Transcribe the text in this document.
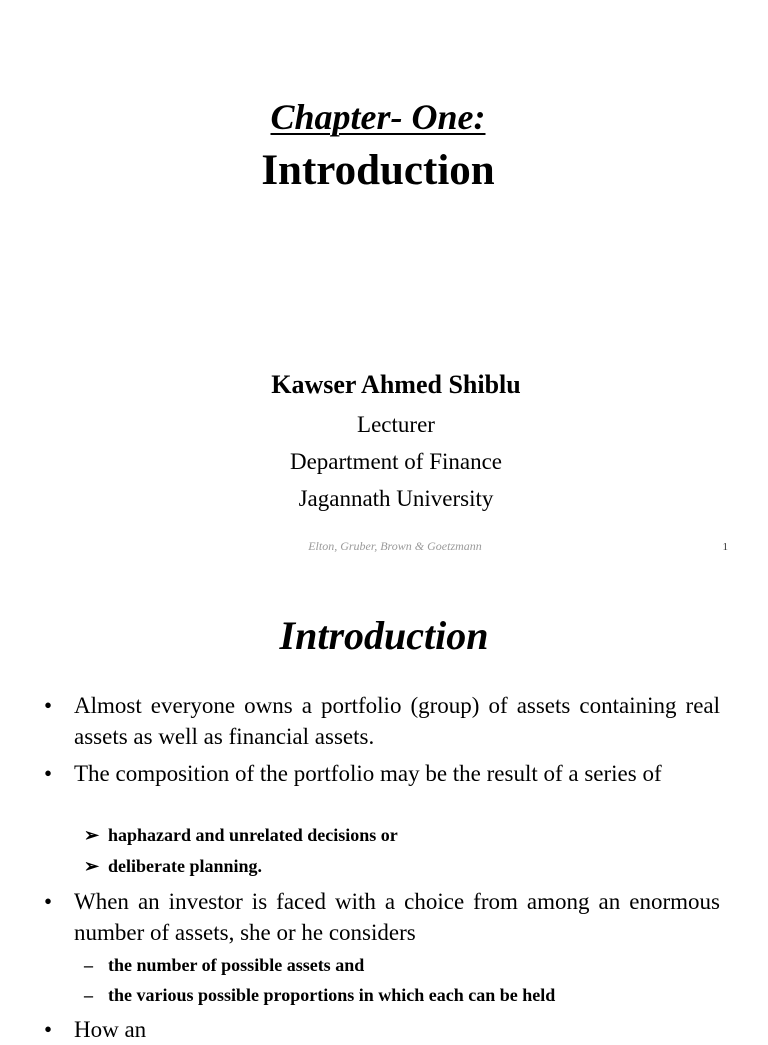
Chapter- One:
Introduction
Kawser Ahmed Shiblu
Lecturer
Department of Finance
Jagannath University
Elton, Gruber, Brown & Goetzmann	1
Introduction
• Almost everyone owns a portfolio (group) of assets containing real assets as well as financial assets.
• The composition of the portfolio may be the result of a series of
➢ haphazard and unrelated decisions or
➢ deliberate planning.
• When an investor is faced with a choice from among an enormous number of assets, she or he considers
– the number of possible assets and
– the various possible proportions in which each can be held
• How an
